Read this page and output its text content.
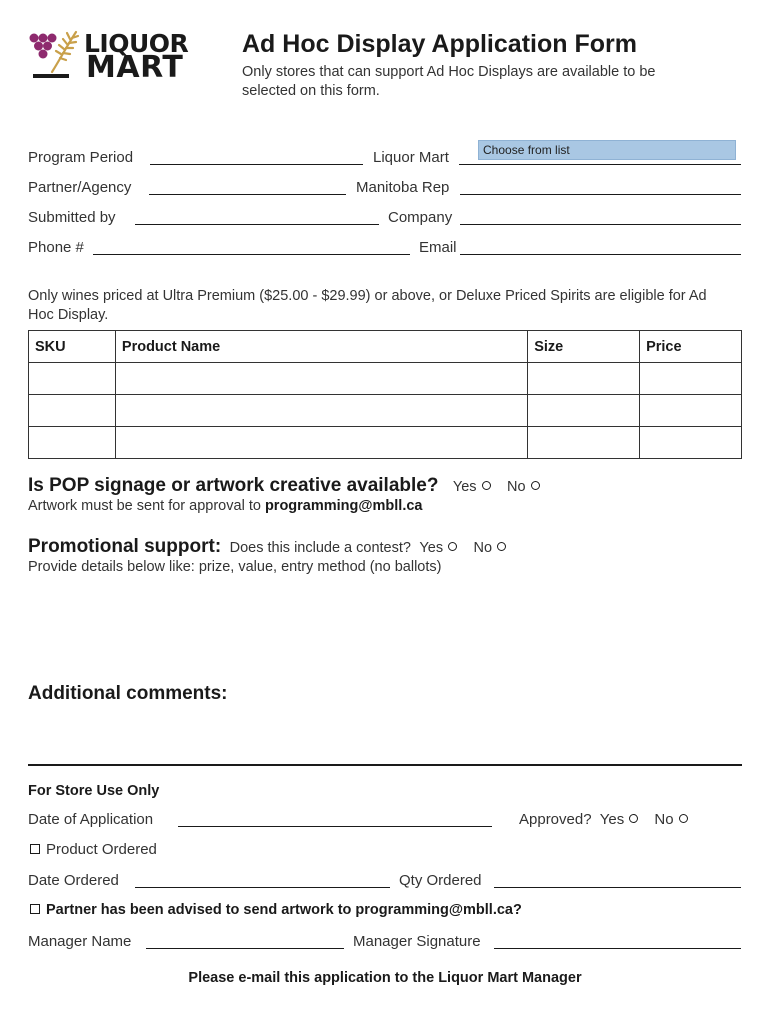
LIQUOR
MART
Ad Hoc Display Application Form
Only stores that can support Ad Hoc Displays are available to be selected on this form.
Program Period	Liquor Mart	Choose from list
Partner/Agency	Manitoba Rep
Submitted by	Company
Phone #	Email
Only wines priced at Ultra Premium ($25.00 - $29.99) or above, or Deluxe Priced Spirits are eligible for Ad Hoc Display.
SKU	Product Name	Size	Price

Is POP signage or artwork creative available? Yes No
Artwork must be sent for approval to programming@mbll.ca
Promotional support: Does this include a contest? Yes No
Provide details below like: prize, value, entry method (no ballots)
Additional comments:
For Store Use Only
Date of Application	Approved? Yes No
Product Ordered
Date Ordered	Qty Ordered
Partner has been advised to send artwork to programming@mbll.ca?
Manager Name	Manager Signature
Please e-mail this application to the Liquor Mart Manager
